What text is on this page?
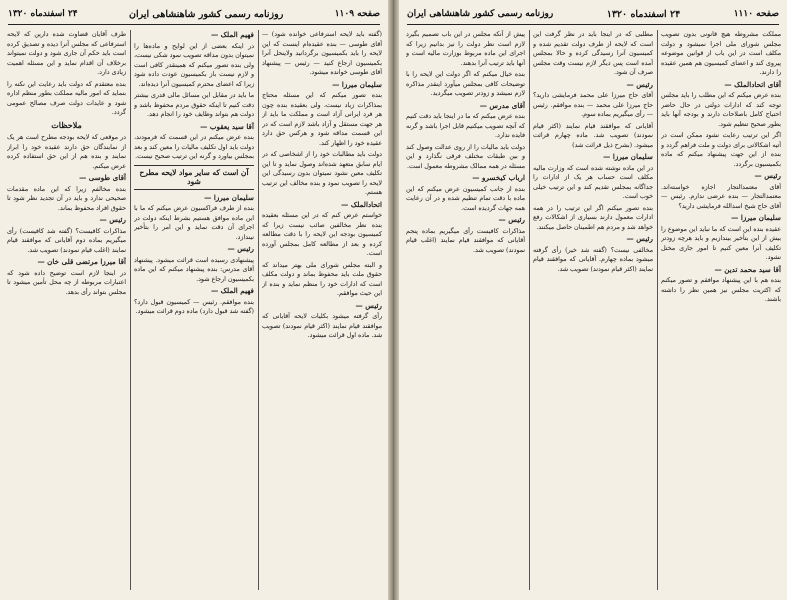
صفحه ۱۱۰۹
روزنامه رسمی کشور شاهنشاهی ایران
۲۴ اسفندماه ۱۳۲۰

(گفته باید لایحه استرفاعی خوانده شود) — آقای طوسی — بنده عقیده‌ام اینست که این لایحه را باید بکمیسیون برگردانید ولاینحل آنرا بکمیسیون ارجاع کنید — رئیس — پیشنهاد آقای طوسی خوانده میشود.

سلیمان میرزا —

بنده تصور میکنم که این مسئله محتاج بمذاکرات زیاد نیست، ولی بعقیده بنده چون هر فرد ایرانی آزاد است و مملکت ما باید از هر جهت مستقل و آزاد باشد لازم است که در این قسمت مداقه شود و هرکس حق دارد عقیده خود را اظهار کند.

دولت باید مطالبات خود را از اشخاصی که در ایام سابق متعهد شده‌اند وصول نماید و تا این تکلیف معین نشود نمیتوان بدون رسیدگی این لایحه را تصویب نمود و بنده مخالف این ترتیب هستم.

اتحادالملک —

خواستم عرض کنم که در این مسئله بعقیده بنده نظر مخالفین صائب نیست زیرا که کمیسیون بودجه این لایحه را با دقت مطالعه کرده و بعد از مطالعه کامل بمجلس آورده است.

و البته مجلس شورای ملی بهتر میداند که حقوق ملت باید محفوظ بماند و دولت مکلف است که ادارات خود را منظم نماید و بنده از این حیث موافقم.

رئیس —

رأی گرفته میشود بکلیات لایحه آقایانی که موافقند قیام نمایند (اکثر قیام نمودند) تصویب شد. ماده اول قرائت میشود.

فهیم الملک —

در اینکه بعضی از این لوایح و ماده‌ها را نمیتوان بدون مداقه تصویب نمود شکی نیست، ولی بنده تصور میکنم که همینقدر کافی است و لازم نیست باز بکمیسیون عودت داده شود زیرا که اعضای محترم کمیسیون آنرا دیده‌اند.

ما باید در مقابل این مسائل مالی قدری بیشتر دقت کنیم تا اینکه حقوق مردم محفوظ باشد و دولت هم بتواند وظایف خود را انجام دهد.

آقا سید یعقوب —

بنده عرض میکنم در این قسمت که فرمودند، دولت باید اول تکلیف مالیات را معین کند و بعد بمجلس بیاورد و گرنه این ترتیب صحیح نیست.

آن است که سایر مواد لایحه مطرح شود

سلیمان میرزا —

بنده از طرف فراکسیون عرض میکنم که ما با این ماده موافق هستیم بشرط اینکه دولت در اجرای آن دقت نماید و این امر را بتأخیر نیندازد.

رئیس —

پیشنهادی رسیده است قرائت میشود. پیشنهاد آقای مدرس: بنده پیشنهاد میکنم که این ماده بکمیسیون ارجاع شود.

فهیم الملک —

بنده موافقم. رئیس — کمیسیون قبول دارد؟ (گفته شد قبول دارد) ماده دوم قرائت میشود.

طرف آقایان قضاوت شده دارین که لایحه استرفاعی که مجلس آنرا دیده و تصدیق کرده است باید حکم آن جاری شود و دولت نمیتواند برخلاف آن اقدام نماید و این مسئله اهمیت زیادی دارد.

بنده معتقدم که دولت باید رعایت این نکته را بنماید که امور مالیه مملکت بطور منظم اداره شود و عایدات دولت صرف مصالح عمومی گردد.

ملاحظات

در موقعی که لایحه بودجه مطرح است هر یک از نمایندگان حق دارند عقیده خود را ابراز نمایند و بنده هم از این حق استفاده کرده عرض میکنم.

آقای طوسی —

بنده مخالفم زیرا که این ماده مقدمات صحیحی ندارد و باید در آن تجدید نظر شود تا حقوق افراد محفوظ بماند.

رئیس —

مذاکرات کافیست؟ (گفته شد کافیست) رأی میگیریم بماده دوم آقایانی که موافقند قیام نمایند (اغلب قیام نمودند) تصویب شد.

آقا میرزا مرتضی قلی خان —

در اینجا لازم است توضیح داده شود که اعتبارات مربوطه از چه محل تأمین میشود تا مجلس بتواند رأی بدهد.

صفحه ۱۱۱۰
۲۴ اسفندماه ۱۳۲۰
روزنامه رسمی کشور شاهنشاهی ایران

مملکت مشروطه هیچ قانونی بدون تصویب مجلس شورای ملی اجرا نمیشود و دولت مکلف است در این باب از قوانین موضوعه پیروی کند و اعضای کمیسیون هم همین عقیده را دارند.

آقای اتحادالملک —

بنده عرض میکنم که این مطلب را باید مجلس توجه کند که ادارات دولتی در حال حاضر احتیاج کامل باصلاحات دارند و بودجه آنها باید بطور صحیح تنظیم شود.

اگر این ترتیب رعایت نشود ممکن است در آتیه اشکالاتی برای دولت و ملت فراهم گردد و بنده از این جهت پیشنهاد میکنم که ماده بکمیسیون برگردد.

رئیس —

آقای معتمدالتجار اجازه خواسته‌اند. معتمدالتجار — بنده عرضی ندارم. رئیس — آقای حاج شیخ اسدالله فرمایشی دارید؟

سلیمان میرزا —

عقیده بنده این است که ما نباید این موضوع را بیش از این بتأخیر بیندازیم و باید هرچه زودتر تکلیف آنرا معین کنیم تا امور جاری مختل نشود.

آقا سید محمد تدین —

بنده هم با این پیشنهاد موافقم و تصور میکنم که اکثریت مجلس نیز همین نظر را داشته باشند.

مطلبی که در اینجا باید در نظر گرفت این است که لایحه از طرف دولت تقدیم شده و کمیسیون آنرا رسیدگی کرده و حالا بمجلس آمده است پس دیگر لازم نیست وقت مجلس صرف آن شود.

رئیس —

آقای حاج میرزا علی محمد فرمایشی دارید؟ حاج میرزا علی محمد — بنده موافقم. رئیس — رأی میگیریم بماده سوم.

آقایانی که موافقند قیام نمایند (اکثر قیام نمودند) تصویب شد. ماده چهارم قرائت میشود. (بشرح ذیل قرائت شد)

سلیمان میرزا —

در این ماده نوشته شده است که وزارت مالیه مکلف است حساب هر یک از ادارات را جداگانه بمجلس تقدیم کند و این ترتیب خیلی خوب است.

بنده تصور میکنم اگر این ترتیب را در همه ادارات معمول دارند بسیاری از اشکالات رفع خواهد شد و مردم هم اطمینان حاصل میکنند.

رئیس —

مخالفی نیست؟ (گفته شد خیر) رأی گرفته میشود بماده چهارم. آقایانی که موافقند قیام نمایند (اکثر قیام نمودند) تصویب شد.

پیش از آنکه مجلس در این باب تصمیم بگیرد لازم است نظر دولت را نیز بدانیم زیرا که اجرای این ماده مربوط بوزارت مالیه است و آنها باید ترتیب آنرا بدهند.

بنده خیال میکنم که اگر دولت این لایحه را با توضیحات کافی بمجلس میآورد اینقدر مذاکره لازم نمیشد و زودتر تصویب میگردید.

آقای مدرس —

بنده عرض میکنم که ما در اینجا باید دقت کنیم که آنچه تصویب میکنیم قابل اجرا باشد و گرنه فایده ندارد.

دولت باید مالیات را از روی عدالت وصول کند و بین طبقات مختلف فرقی نگذارد و این مسئله در همه ممالک مشروطه معمول است.

ارباب کیخسرو —

بنده از جانب کمیسیون عرض میکنم که این ماده با دقت تمام تنظیم شده و در آن رعایت همه جهات گردیده است.

رئیس —

مذاکرات کافیست رأی میگیریم بماده پنجم آقایانی که موافقند قیام نمایند (اغلب قیام نمودند) تصویب شد.
